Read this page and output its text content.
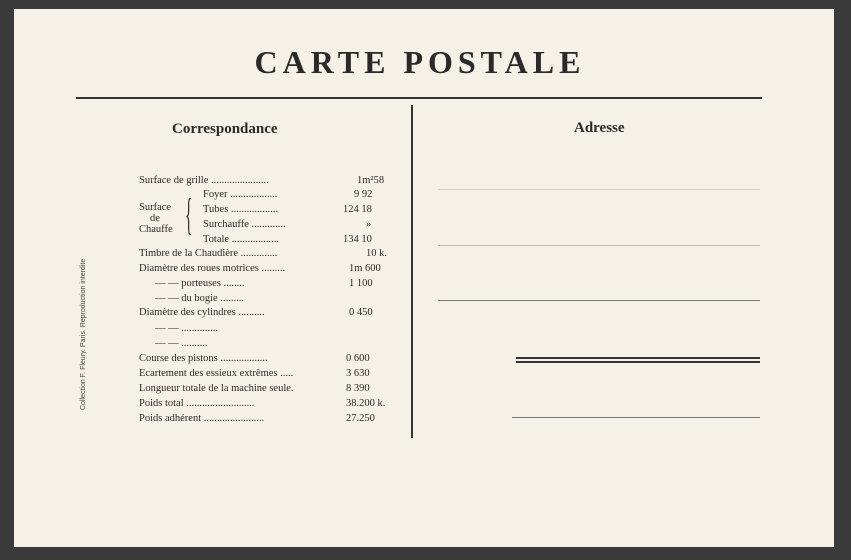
CARTE POSTALE
Correspondance	Adresse
Collection F. Fleury. Paris. Reproduction interdite
Surface
de
Chauffe {
Surface de grille ......................
Foyer ..................
Tubes ..................
Surchauffe .............
Totale ..................
Timbre de la Chaudière ..............
Diamètre des roues motrices .........
— — porteuses ........
— — du bogie .........
Diamètre des cylindres ..........
— — ..............
— — ..........
Course des pistons ..................
Ecartement des essieux extrêmes .....
Longueur totale de la machine seule.
Poids total ..........................
Poids adhérent .......................
1m²58
9 92
124 18
»
134 10
10 k.
1m 600
1 100
0 450
0 600
3 630
8 390
38.200 k.
27.250
